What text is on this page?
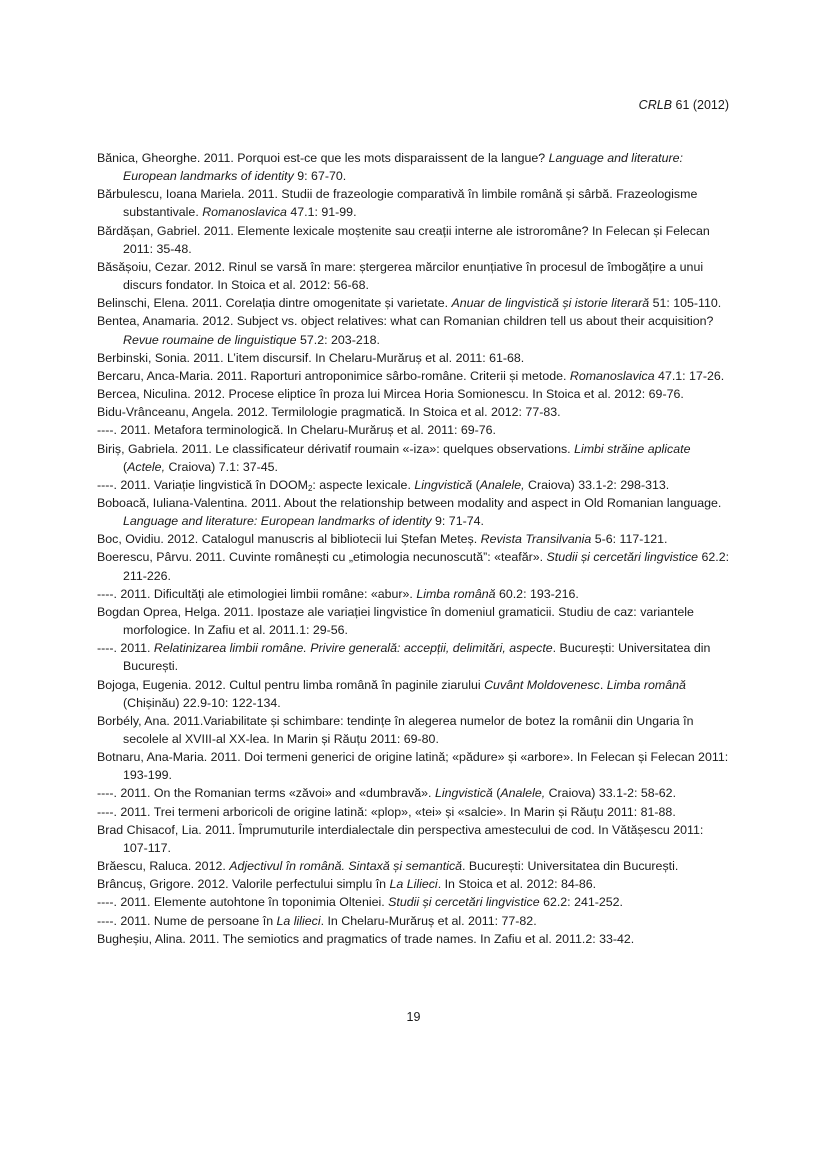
CRLB 61 (2012)

Bănica, Gheorghe. 2011. Porquoi est-ce que les mots disparaissent de la langue? Language and literature: European landmarks of identity 9: 67-70.

Bărbulescu, Ioana Mariela. 2011. Studii de frazeologie comparativă în limbile română și sârbă. Frazeologisme substantivale. Romanoslavica 47.1: 91-99.

Bărdășan, Gabriel. 2011. Elemente lexicale moștenite sau creații interne ale istroromâne? In Felecan și Felecan 2011: 35-48.

Băsășoiu, Cezar. 2012. Rinul se varsă în mare: ștergerea mărcilor enunțiative în procesul de îmbogățire a unui discurs fondator. In Stoica et al. 2012: 56-68.

Belinschi, Elena. 2011. Corelația dintre omogenitate și varietate. Anuar de lingvistică și istorie literară 51: 105-110.

Bentea, Anamaria. 2012. Subject vs. object relatives: what can Romanian children tell us about their acquisition? Revue roumaine de linguistique 57.2: 203-218.

Berbinski, Sonia. 2011. L’item discursif. In Chelaru-Murăruș et al. 2011: 61-68.

Bercaru, Anca-Maria. 2011. Raporturi antroponimice sârbo-române. Criterii și metode. Romanoslavica 47.1: 17-26.

Bercea, Niculina. 2012. Procese eliptice în proza lui Mircea Horia Somionescu. In Stoica et al. 2012: 69-76.

Bidu-Vrânceanu, Angela. 2012. Termilologie pragmatică. In Stoica et al. 2012: 77-83.

----. 2011. Metafora terminologică. In Chelaru-Murăruș et al. 2011: 69-76.

Biriș, Gabriela. 2011. Le classificateur dérivatif roumain «-iza»: quelques observations. Limbi străine aplicate (Actele, Craiova) 7.1: 37-45.

----. 2011. Variație lingvistică în $DOOM_2$: aspecte lexicale. Lingvistică (Analele, Craiova) 33.1-2: 298-313.

Boboacă, Iuliana-Valentina. 2011. About the relationship between modality and aspect in Old Romanian language. Language and literature: European landmarks of identity 9: 71-74.

Boc, Ovidiu. 2012. Catalogul manuscris al bibliotecii lui Ștefan Meteș. Revista Transilvania 5-6: 117-121.

Boerescu, Pârvu. 2011. Cuvinte românești cu „etimologia necunoscută”: «teafăr». Studii și cercetări lingvistice 62.2: 211-226.

----. 2011. Dificultăți ale etimologiei limbii române: «abur». Limba română 60.2: 193-216.

Bogdan Oprea, Helga. 2011. Ipostaze ale variației lingvistice în domeniul gramaticii. Studiu de caz: variantele morfologice. In Zafiu et al. 2011.1: 29-56.

----. 2011. Relatinizarea limbii române. Privire generală: accepții, delimitări, aspecte. București: Universitatea din București.

Bojoga, Eugenia. 2012. Cultul pentru limba română în paginile ziarului Cuvânt Moldovenesc. Limba română (Chișinău) 22.9-10: 122-134.

Borbély, Ana. 2011.Variabilitate și schimbare: tendințe în alegerea numelor de botez la românii din Ungaria în secolele al XVIII-al XX-lea. In Marin și Răuțu 2011: 69-80.

Botnaru, Ana-Maria. 2011. Doi termeni generici de origine latină; «pădure» și «arbore». In Felecan și Felecan 2011: 193-199.

----. 2011. On the Romanian terms «zăvoi» and «dumbravă». Lingvistică (Analele, Craiova) 33.1-2: 58-62.

----. 2011. Trei termeni arboricoli de origine latină: «plop», «tei» și «salcie». In Marin și Răuțu 2011: 81-88.

Brad Chisacof, Lia. 2011. Împrumuturile interdialectale din perspectiva amestecului de cod. In Vătășescu 2011: 107-117.

Brăescu, Raluca. 2012. Adjectivul în română. Sintaxă și semantică. București: Universitatea din București.

Brâncuș, Grigore. 2012. Valorile perfectului simplu în La Lilieci. In Stoica et al. 2012: 84-86.

----. 2011. Elemente autohtone în toponimia Olteniei. Studii și cercetări lingvistice 62.2: 241-252.

----. 2011. Nume de persoane în La lilieci. In Chelaru-Murăruș et al. 2011: 77-82.

Bugheșiu, Alina. 2011. The semiotics and pragmatics of trade names. In Zafiu et al. 2011.2: 33-42.

19
